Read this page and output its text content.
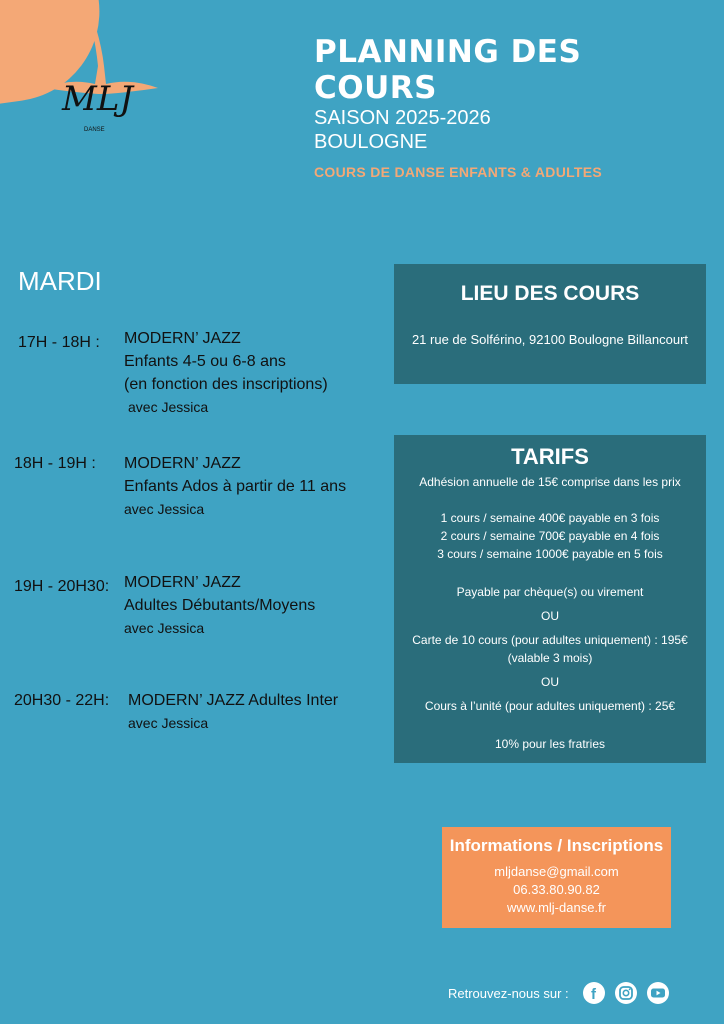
MLJ
DANSE
PLANNING DES COURS
SAISON 2025-2026
BOULOGNE
COURS DE DANSE ENFANTS & ADULTES
MARDI
17H - 18H : MODERN’ JAZZ
Enfants 4-5 ou 6-8 ans
(en fonction des inscriptions)
avec Jessica
18H - 19H : MODERN’ JAZZ
Enfants Ados à partir de 11 ans
avec Jessica
19H - 20H30: MODERN’ JAZZ
Adultes Débutants/Moyens
avec Jessica
20H30 - 22H: MODERN’ JAZZ Adultes Inter
avec Jessica
LIEU DES COURS
21 rue de Solférino, 92100 Boulogne Billancourt
TARIFS

Adhésion annuelle de 15€ comprise dans les prix

1 cours / semaine 400€ payable en 3 fois

2 cours / semaine 700€ payable en 4 fois

3 cours / semaine 1000€ payable en 5 fois

Payable par chèque(s) ou virement

OU

Carte de 10 cours (pour adultes uniquement) : 195€

(valable 3 mois)

OU

Cours à l’unité (pour adultes uniquement) : 25€

10% pour les fratries

Informations / Inscriptions
mljdanse@gmail.com
06.33.80.90.82
www.mlj-danse.fr
Retrouvez-nous sur : f
